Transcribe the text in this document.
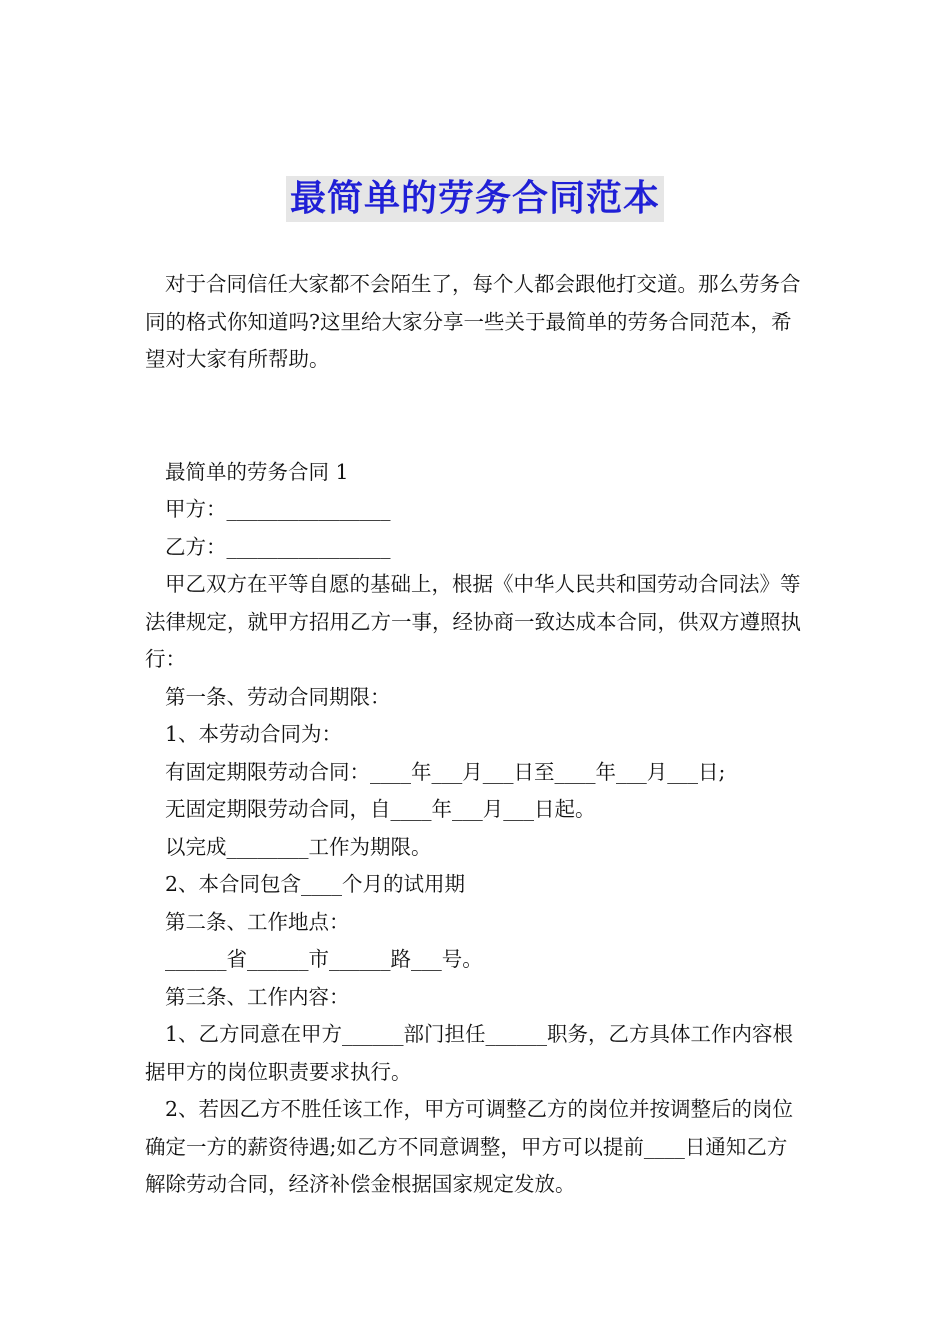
最简单的劳务合同范本

对于合同信任大家都不会陌生了，每个人都会跟他打交道。那么劳务合同的格式你知道吗?这里给大家分享一些关于最简单的劳务合同范本，希望对大家有所帮助。

最简单的劳务合同 1

甲方：________________

乙方：________________

甲乙双方在平等自愿的基础上，根据《中华人民共和国劳动合同法》等法律规定，就甲方招用乙方一事，经协商一致达成本合同，供双方遵照执行：

第一条、劳动合同期限：

1、本劳动合同为：

有固定期限劳动合同：____年___月___日至____年___月___日;

无固定期限劳动合同，自____年___月___日起。

以完成________工作为期限。

2、本合同包含____个月的试用期

第二条、工作地点：

______省______市______路___号。

第三条、工作内容：

1、乙方同意在甲方______部门担任______职务，乙方具体工作内容根据甲方的岗位职责要求执行。

2、若因乙方不胜任该工作，甲方可调整乙方的岗位并按调整后的岗位确定一方的薪资待遇;如乙方不同意调整，甲方可以提前____日通知乙方解除劳动合同，经济补偿金根据国家规定发放。
